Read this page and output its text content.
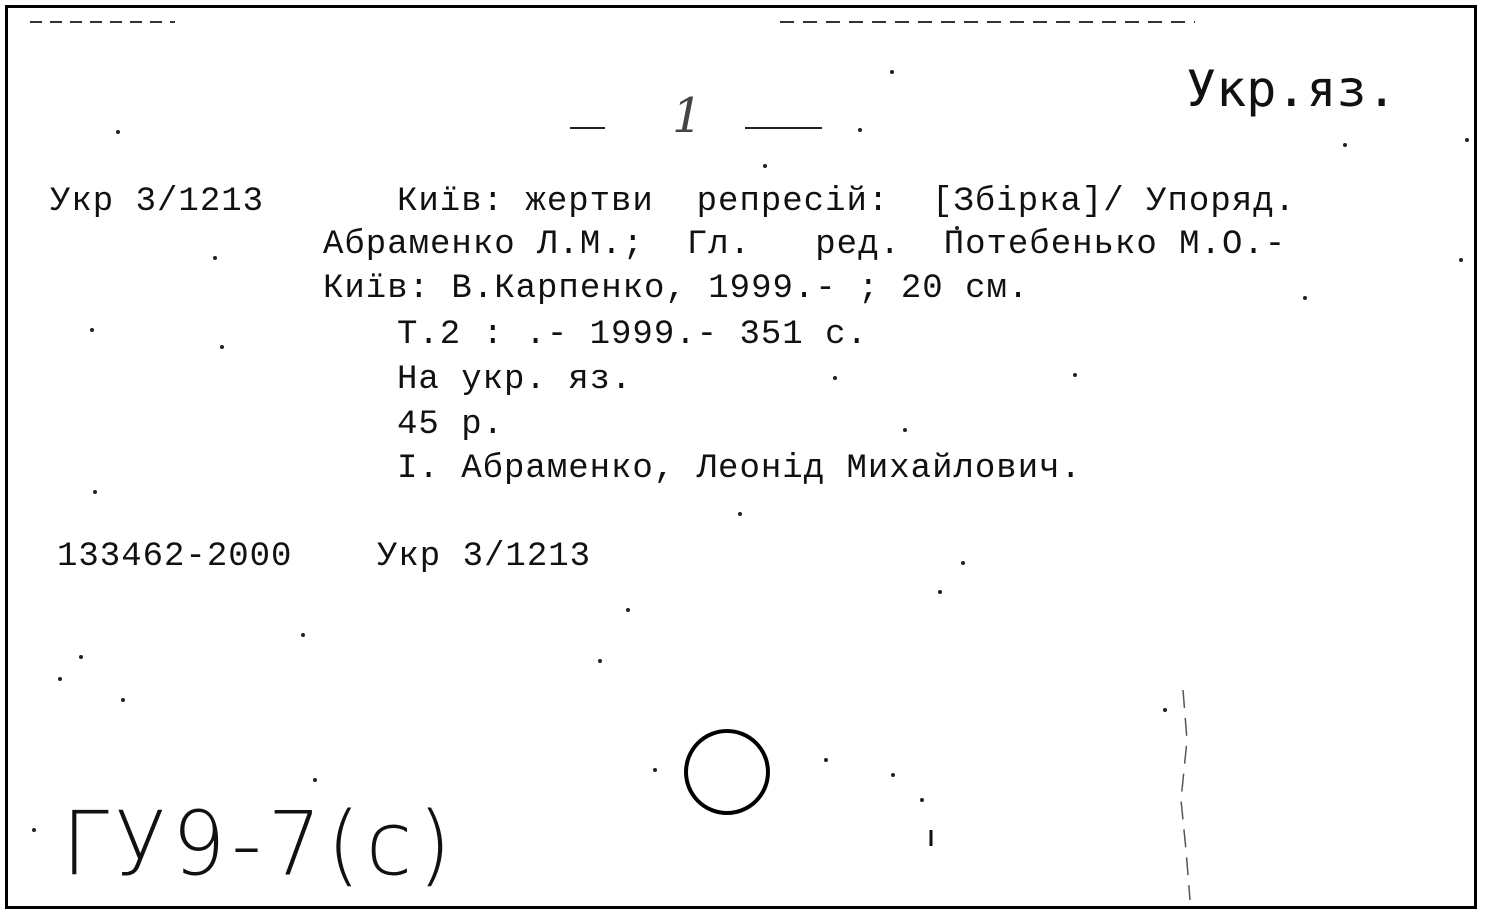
Укр.яз.
1
Укр 3/1213	Київ: жертви  репресій:  [Збірка]/ Упоряд.
Абраменко Л.М.;  Гл.   ред.  Потебенько М.О.-
Київ: В.Карпенко, 1999.- ; 20 см.
Т.2 : .- 1999.- 351 с.
На укр. яз.
45 р.
I. Абраменко, Леонід Михайлович.
133462-2000 Укр 3/1213
ГУ9-7(с)
